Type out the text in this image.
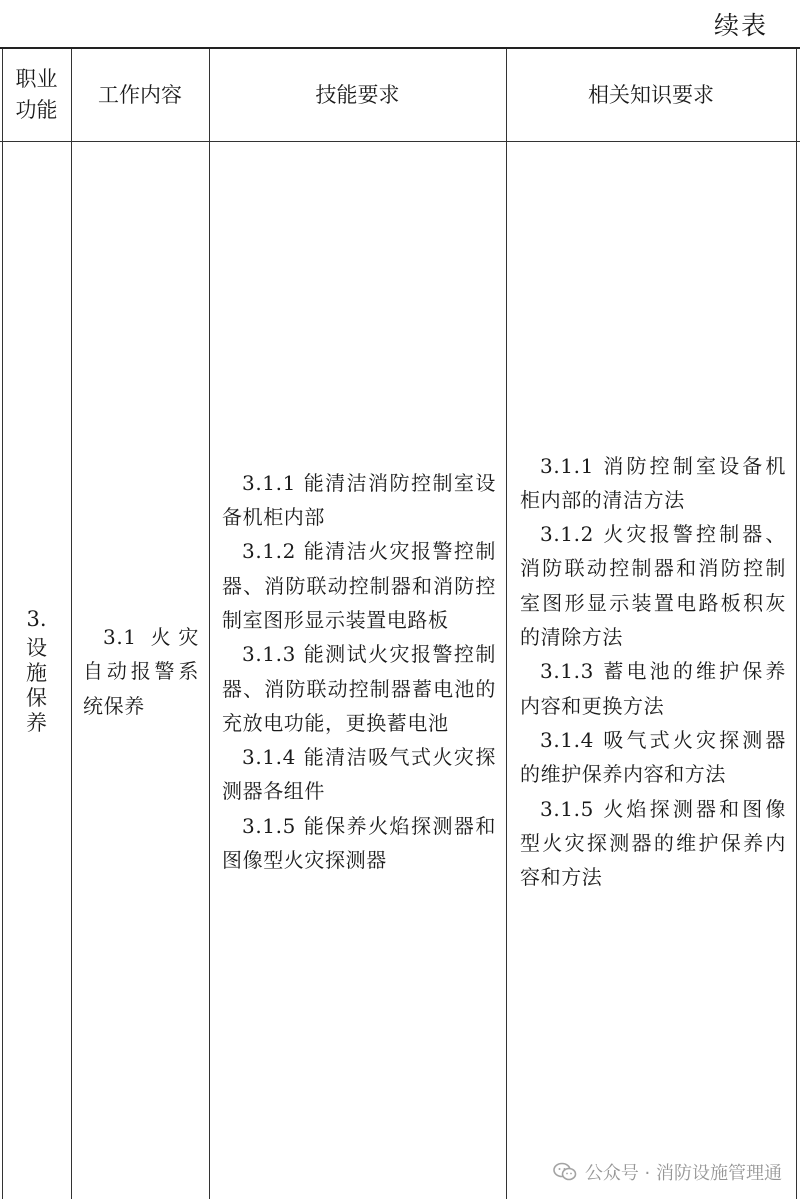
续表
职业
功能
工作内容	技能要求	相关知识要求
3.
设
施
保
养

3.1 火灾自动报警系统保养

3.1.1 能清洁消防控制室设备机柜内部

3.1.2 能清洁火灾报警控制器、消防联动控制器和消防控制室图形显示装置电路板

3.1.3 能测试火灾报警控制器、消防联动控制器蓄电池的充放电功能，更换蓄电池

3.1.4 能清洁吸气式火灾探测器各组件

3.1.5 能保养火焰探测器和图像型火灾探测器

3.1.1 消防控制室设备机柜内部的清洁方法

3.1.2 火灾报警控制器、消防联动控制器和消防控制室图形显示装置电路板积灰的清除方法

3.1.3 蓄电池的维护保养内容和更换方法

3.1.4 吸气式火灾探测器的维护保养内容和方法

3.1.5 火焰探测器和图像型火灾探测器的维护保养内容和方法

公众号 · 消防设施管理通
